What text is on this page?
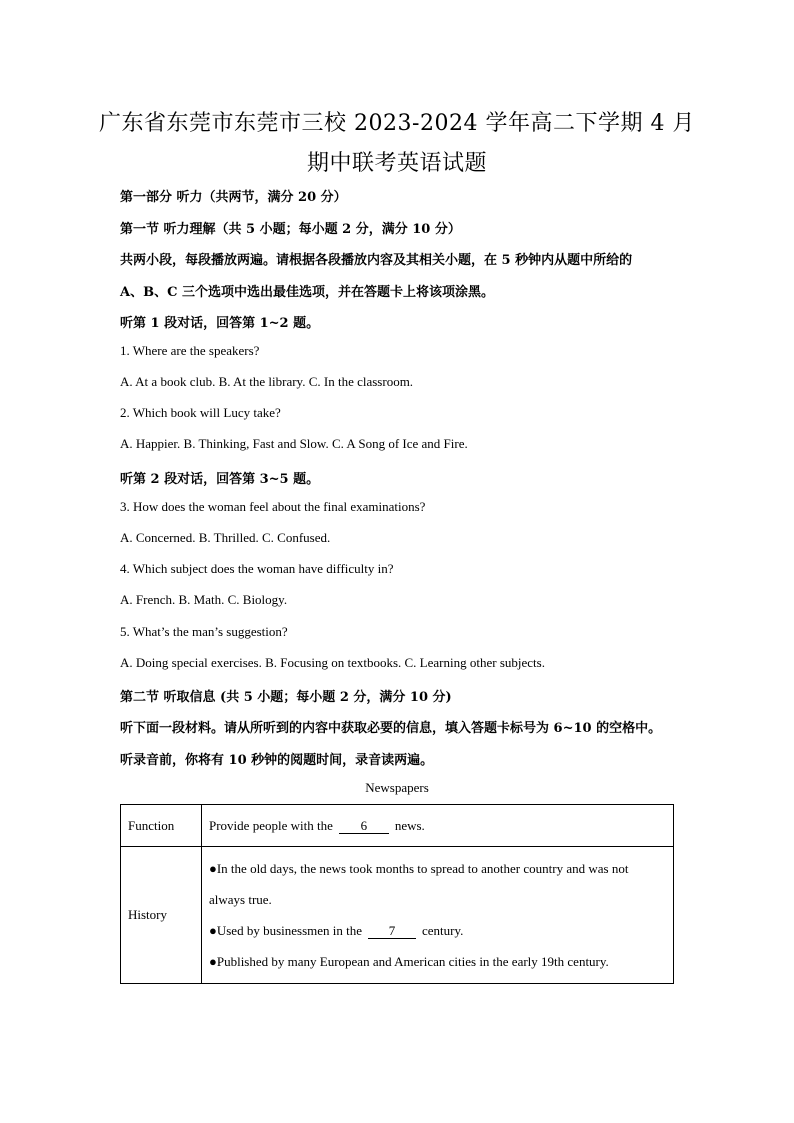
广东省东莞市东莞市三校 2023-2024 学年高二下学期 4 月
期中联考英语试题
第一部分 听力（共两节，满分 20 分）
第一节 听力理解（共 5 小题；每小题 2 分，满分 10 分）
共两小段，每段播放两遍。请根据各段播放内容及其相关小题，在 5 秒钟内从题中所给的
A、B、C 三个选项中选出最佳选项，并在答题卡上将该项涂黑。
听第 1 段对话，回答第 1~2 题。
1. Where are the speakers?
A. At a book club. B. At the library. C. In the classroom.
2. Which book will Lucy take?
A. Happier. B. Thinking, Fast and Slow. C. A Song of Ice and Fire.
听第 2 段对话，回答第 3~5 题。
3. How does the woman feel about the final examinations?
A. Concerned. B. Thrilled. C. Confused.
4. Which subject does the woman have difficulty in?
A. French. B. Math. C. Biology.
5. What’s the man’s suggestion?
A. Doing special exercises. B. Focusing on textbooks. C. Learning other subjects.
第二节 听取信息 (共 5 小题；每小题 2 分，满分 10 分)
听下面一段材料。请从所听到的内容中获取必要的信息，填入答题卡标号为 6~10 的空格中。
听录音前，你将有 10 秒钟的阅题时间，录音读两遍。
Newspapers
Function	Provide people with the 6 news.
History	●In the old days, the news took months to spread to another country and was not
always true.
●Used by businessmen in the 7 century.
●Published by many European and American cities in the early 19th century.
